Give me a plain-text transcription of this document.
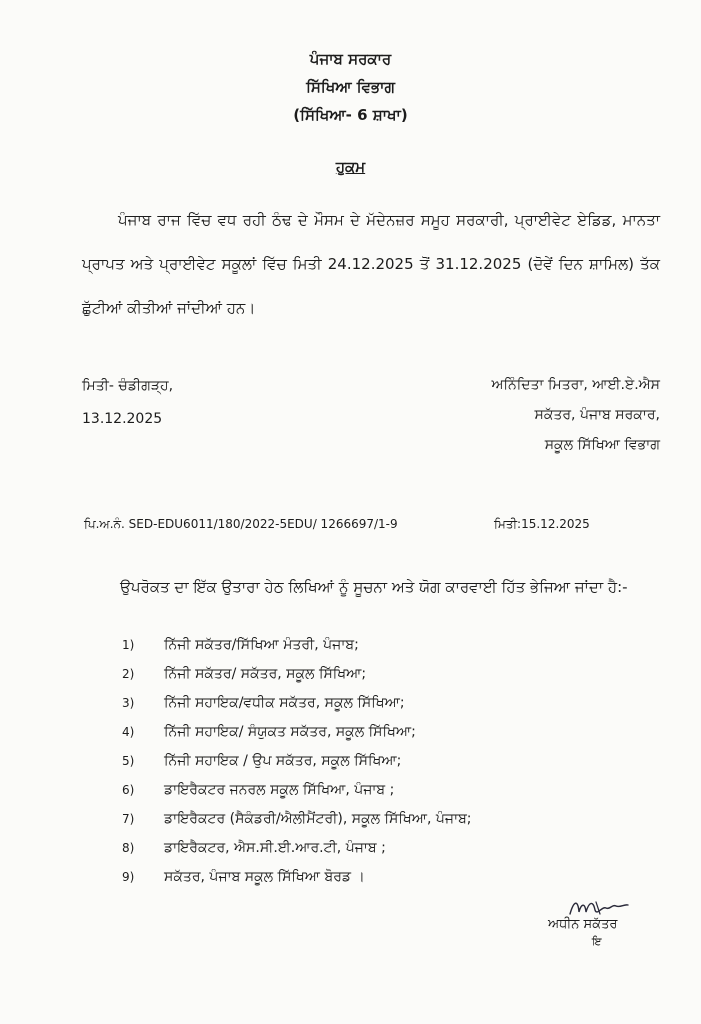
ਪੰਜਾਬ ਸਰਕਾਰ
ਸਿੱਖਿਆ ਵਿਭਾਗ
(ਸਿੱਖਿਆ- 6 ਸ਼ਾਖਾ)
ਹੁਕਮ
ਪੰਜਾਬ ਰਾਜ ਵਿੱਚ ਵਧ ਰਹੀ ਠੰਢ ਦੇ ਮੌਸਮ ਦੇ ਮੱਦੇਨਜ਼ਰ ਸਮੂਹ ਸਰਕਾਰੀ, ਪ੍ਰਾਈਵੇਟ ਏਡਿਡ, ਮਾਨਤਾ ਪ੍ਰਾਪਤ ਅਤੇ ਪ੍ਰਾਈਵੇਟ ਸਕੂਲਾਂ ਵਿੱਚ ਮਿਤੀ 24.12.2025 ਤੋਂ 31.12.2025 (ਦੋਵੇਂ ਦਿਨ ਸ਼ਾਮਿਲ) ਤੱਕ ਛੁੱਟੀਆਂ ਕੀਤੀਆਂ ਜਾਂਦੀਆਂ ਹਨ।
ਮਿਤੀ- ਚੰਡੀਗੜ੍ਹ,
13.12.2025
ਅਨਿੰਦਿਤਾ ਮਿਤਰਾ, ਆਈ.ਏ.ਐਸ
ਸਕੱਤਰ, ਪੰਜਾਬ ਸਰਕਾਰ,
ਸਕੂਲ ਸਿੱਖਿਆ ਵਿਭਾਗ
ਪਿ.ਅ.ਨੰ. SED-EDU6011/180/2022-5EDU/ 1266697/1-9	ਮਿਤੀ:15.12.2025
ਉਪਰੋਕਤ ਦਾ ਇੱਕ ਉਤਾਰਾ ਹੇਠ ਲਿਖਿਆਂ ਨੂੰ ਸੂਚਨਾ ਅਤੇ ਯੋਗ ਕਾਰਵਾਈ ਹਿੱਤ ਭੇਜਿਆ ਜਾਂਦਾ ਹੈ:-
1) ਨਿੱਜੀ ਸਕੱਤਰ/ਸਿੱਖਿਆ ਮੰਤਰੀ, ਪੰਜਾਬ;
2) ਨਿੱਜੀ ਸਕੱਤਰ/ ਸਕੱਤਰ, ਸਕੂਲ ਸਿੱਖਿਆ;
3) ਨਿੱਜੀ ਸਹਾਇਕ/ਵਧੀਕ ਸਕੱਤਰ, ਸਕੂਲ ਸਿੱਖਿਆ;
4) ਨਿੱਜੀ ਸਹਾਇਕ/ ਸੰਯੁਕਤ ਸਕੱਤਰ, ਸਕੂਲ ਸਿੱਖਿਆ;
5) ਨਿੱਜੀ ਸਹਾਇਕ / ਉਪ ਸਕੱਤਰ, ਸਕੂਲ ਸਿੱਖਿਆ;
6) ਡਾਇਰੈਕਟਰ ਜਨਰਲ ਸਕੂਲ ਸਿੱਖਿਆ, ਪੰਜਾਬ ;
7) ਡਾਇਰੈਕਟਰ (ਸੈਕੰਡਰੀ/ਐਲੀਮੈਂਟਰੀ), ਸਕੂਲ ਸਿੱਖਿਆ, ਪੰਜਾਬ;
8) ਡਾਇਰੈਕਟਰ, ਐਸ.ਸੀ.ਈ.ਆਰ.ਟੀ, ਪੰਜਾਬ ;
9) ਸਕੱਤਰ, ਪੰਜਾਬ ਸਕੂਲ ਸਿੱਖਿਆ ਬੋਰਡ ।
ਅਧੀਨ ਸਕੱਤਰ
ਇ
